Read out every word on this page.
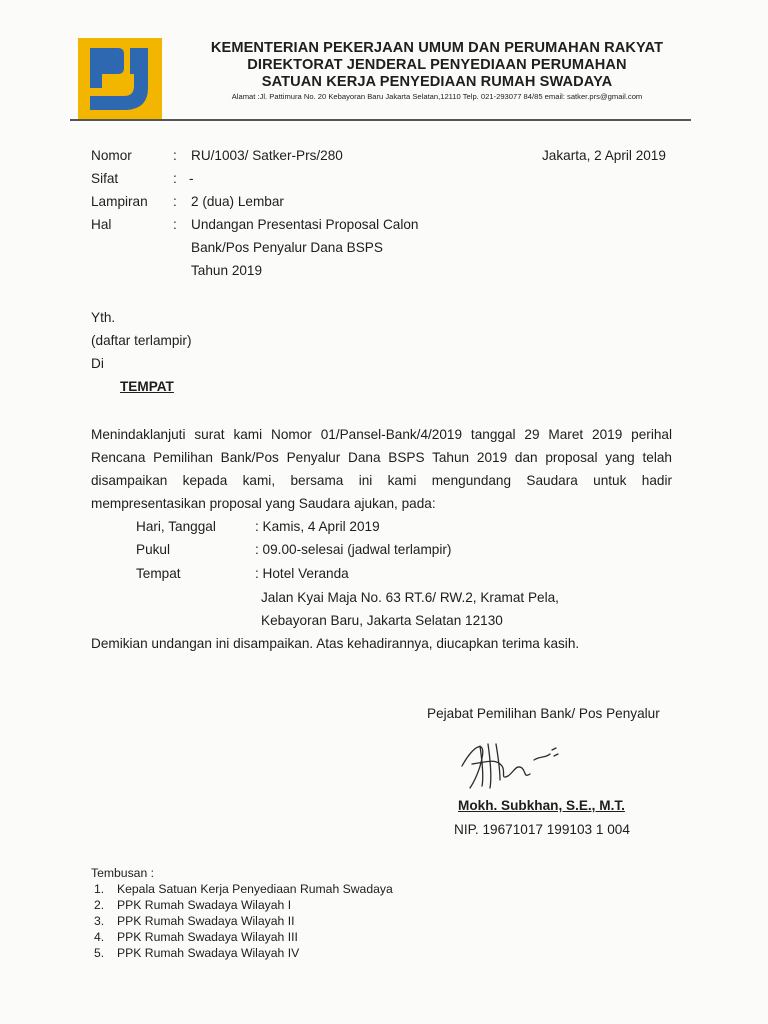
KEMENTERIAN PEKERJAAN UMUM DAN PERUMAHAN RAKYAT
DIREKTORAT JENDERAL PENYEDIAAN PERUMAHAN
SATUAN KERJA PENYEDIAAN RUMAH SWADAYA
Alamat :Jl. Pattimura No. 20 Kebayoran Baru Jakarta Selatan,12110 Telp. 021-293077 84/85 email: satker.prs@gmail.com
Nomor	: RU/1003/ Satker-Prs/280	Jakarta, 2 April 2019
Sifat	: -
Lampiran : 2 (dua) Lembar
Hal	: Undangan Presentasi Proposal Calon
Bank/Pos Penyalur Dana BSPS
Tahun 2019
Yth.
(daftar terlampir)
Di
TEMPAT
Menindaklanjuti surat kami Nomor 01/Pansel-Bank/4/2019 tanggal 29 Maret 2019 perihal
Rencana Pemilihan Bank/Pos Penyalur Dana BSPS Tahun 2019 dan proposal yang telah
disampaikan kepada kami, bersama ini kami mengundang Saudara untuk hadir
mempresentasikan proposal yang Saudara ajukan, pada:
Hari, Tanggal	: Kamis, 4 April 2019
Pukul	: 09.00-selesai (jadwal terlampir)
Tempat	: Hotel Veranda
Jalan Kyai Maja No. 63 RT.6/ RW.2, Kramat Pela,
Kebayoran Baru, Jakarta Selatan 12130
Demikian undangan ini disampaikan. Atas kehadirannya, diucapkan terima kasih.
Pejabat Pemilihan Bank/ Pos Penyalur
Mokh. Subkhan, S.E., M.T.
NIP. 19671017 199103 1 004
Tembusan :
1. Kepala Satuan Kerja Penyediaan Rumah Swadaya
2. PPK Rumah Swadaya Wilayah I
3. PPK Rumah Swadaya Wilayah II
4. PPK Rumah Swadaya Wilayah III
5. PPK Rumah Swadaya Wilayah IV
